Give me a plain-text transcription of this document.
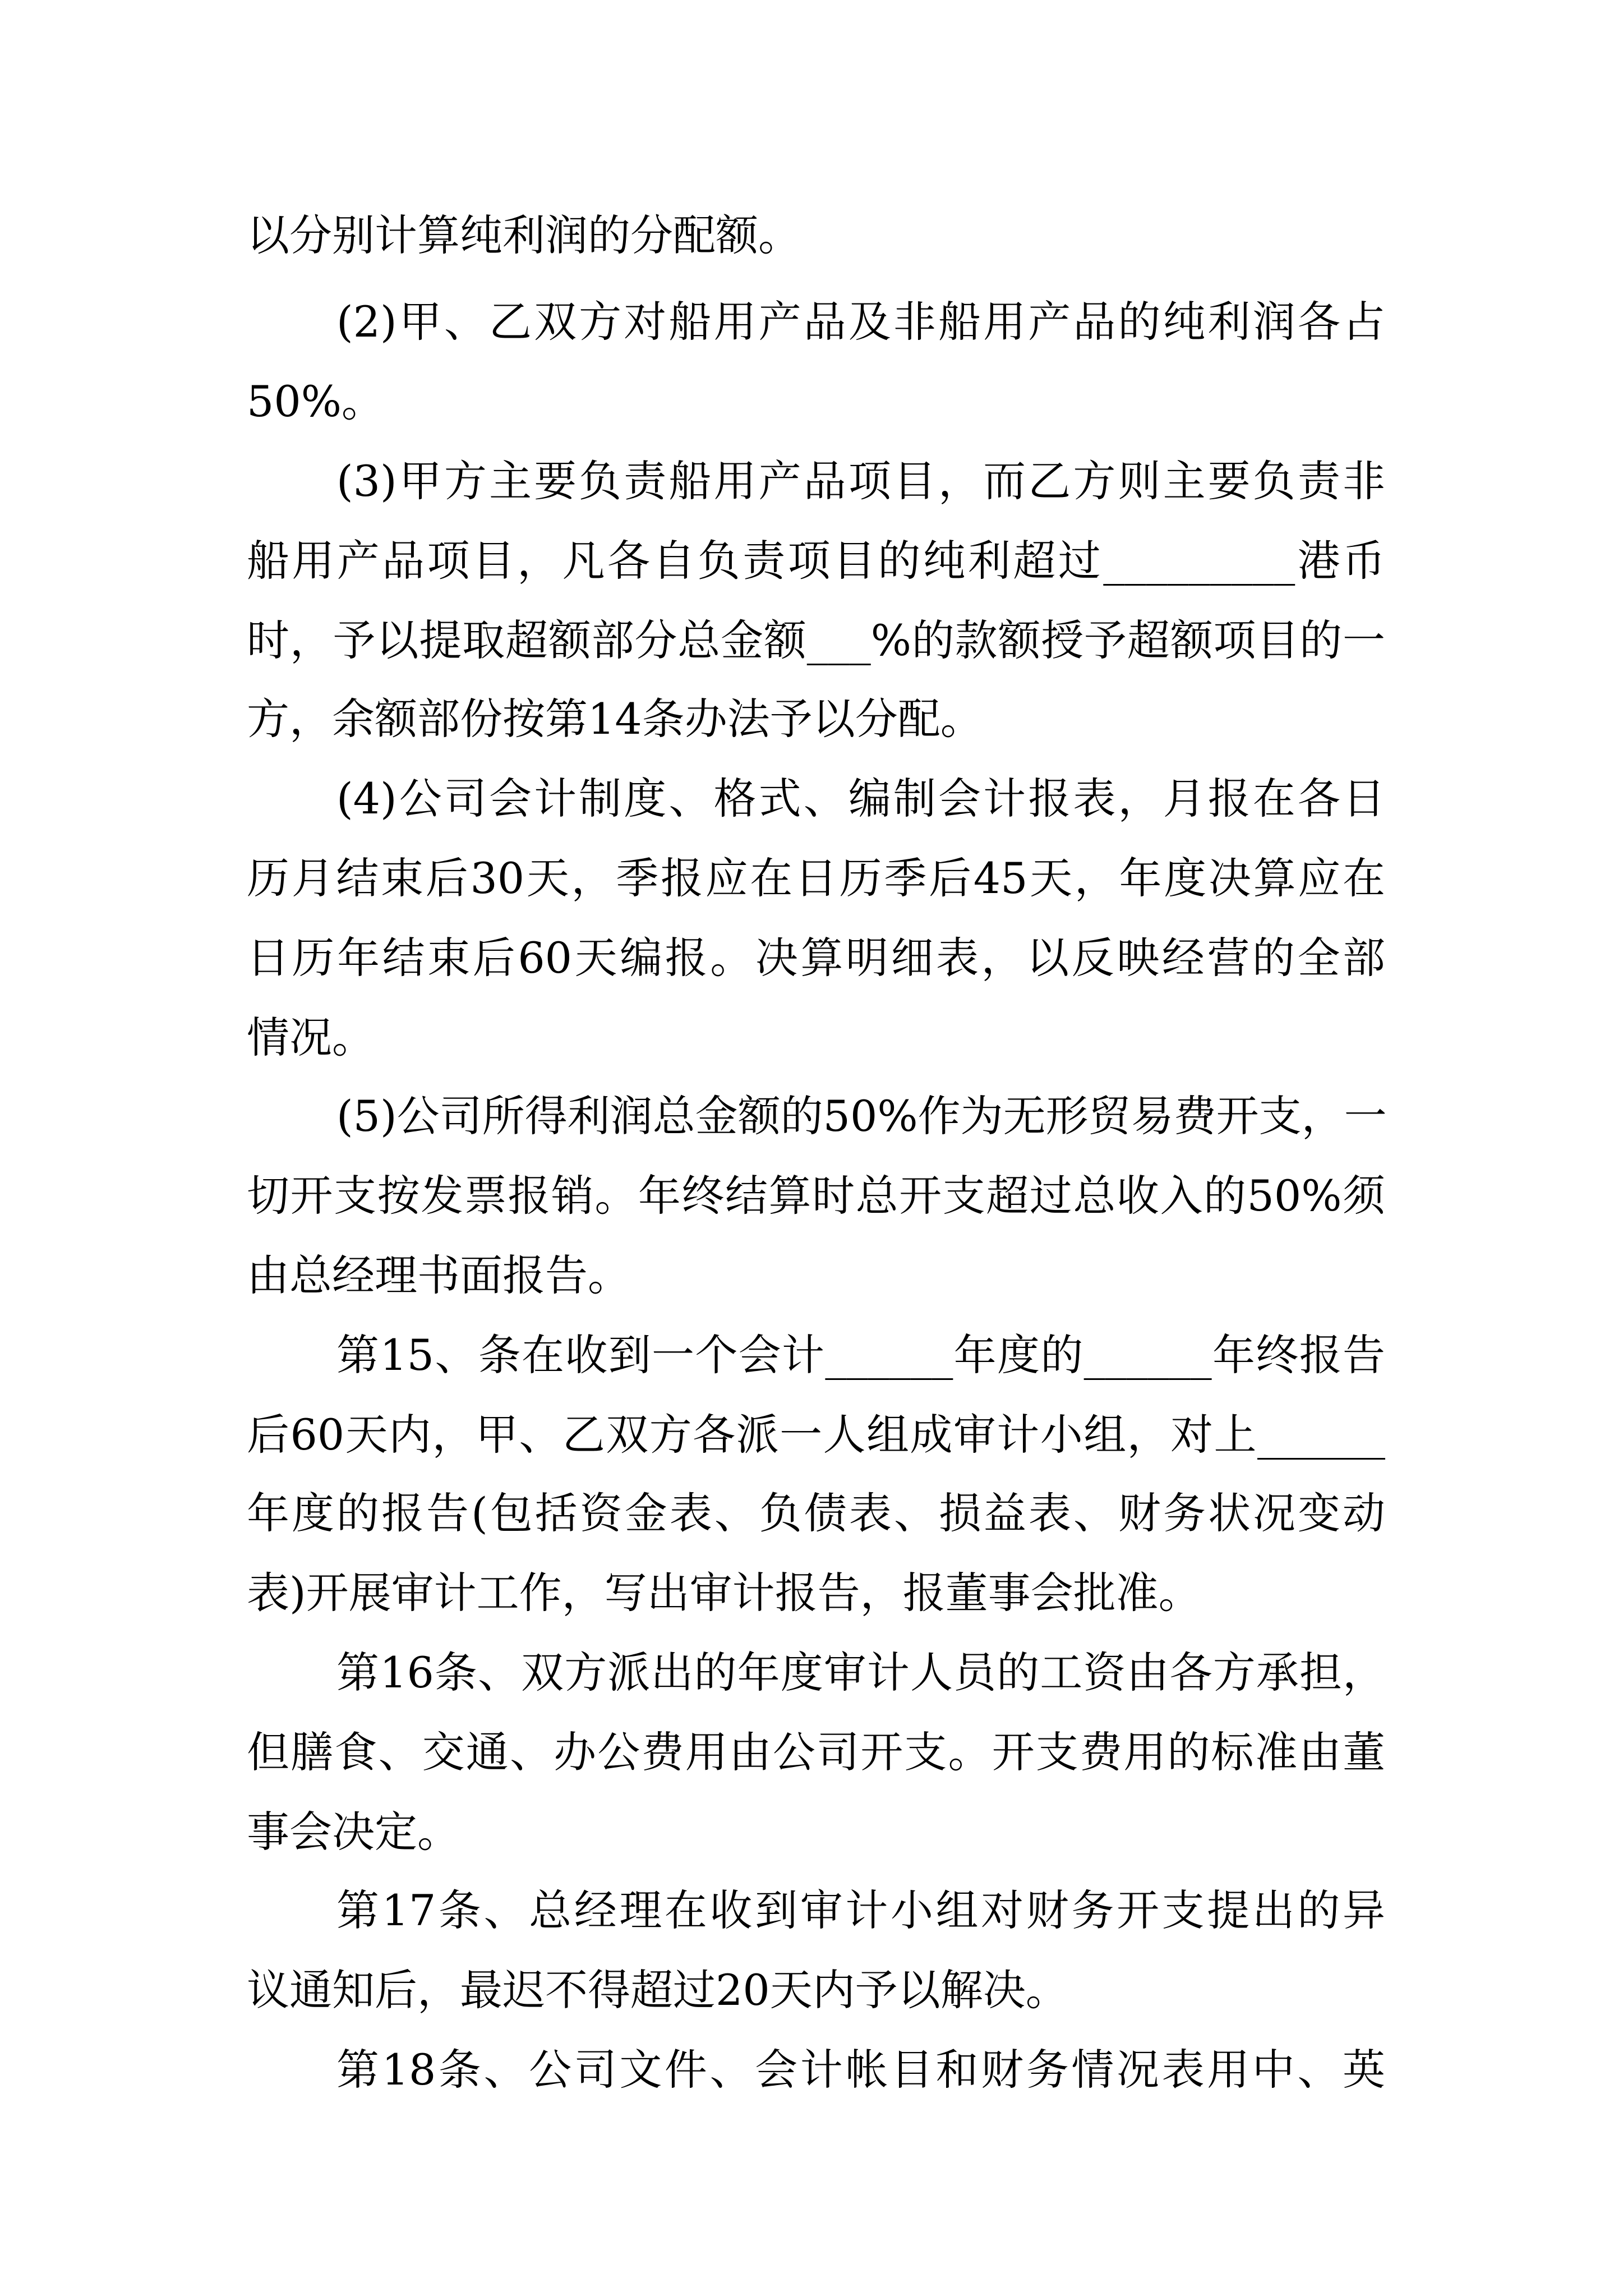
以分别计算纯利润的分配额。
(2)甲、乙双方对船用产品及非船用产品的纯利润各占
50%。
(3)甲方主要负责船用产品项目，而乙方则主要负责非
船用产品项目，凡各自负责项目的纯利超过_________港币
时，予以提取超额部分总金额___%的款额授予超额项目的一
方，余额部份按第14条办法予以分配。
(4)公司会计制度、格式、编制会计报表，月报在各日
历月结束后30天，季报应在日历季后45天，年度决算应在
日历年结束后60天编报。决算明细表，以反映经营的全部
情况。
(5)公司所得利润总金额的50%作为无形贸易费开支，一
切开支按发票报销。年终结算时总开支超过总收入的50%须
由总经理书面报告。
第15、条在收到一个会计______年度的______年终报告
后60天内，甲、乙双方各派一人组成审计小组，对上______
年度的报告(包括资金表、负债表、损益表、财务状况变动
表)开展审计工作，写出审计报告，报董事会批准。
第16条、双方派出的年度审计人员的工资由各方承担，
但膳食、交通、办公费用由公司开支。开支费用的标准由董
事会决定。
第17条、总经理在收到审计小组对财务开支提出的异
议通知后，最迟不得超过20天内予以解决。
第18条、公司文件、会计帐目和财务情况表用中、英
